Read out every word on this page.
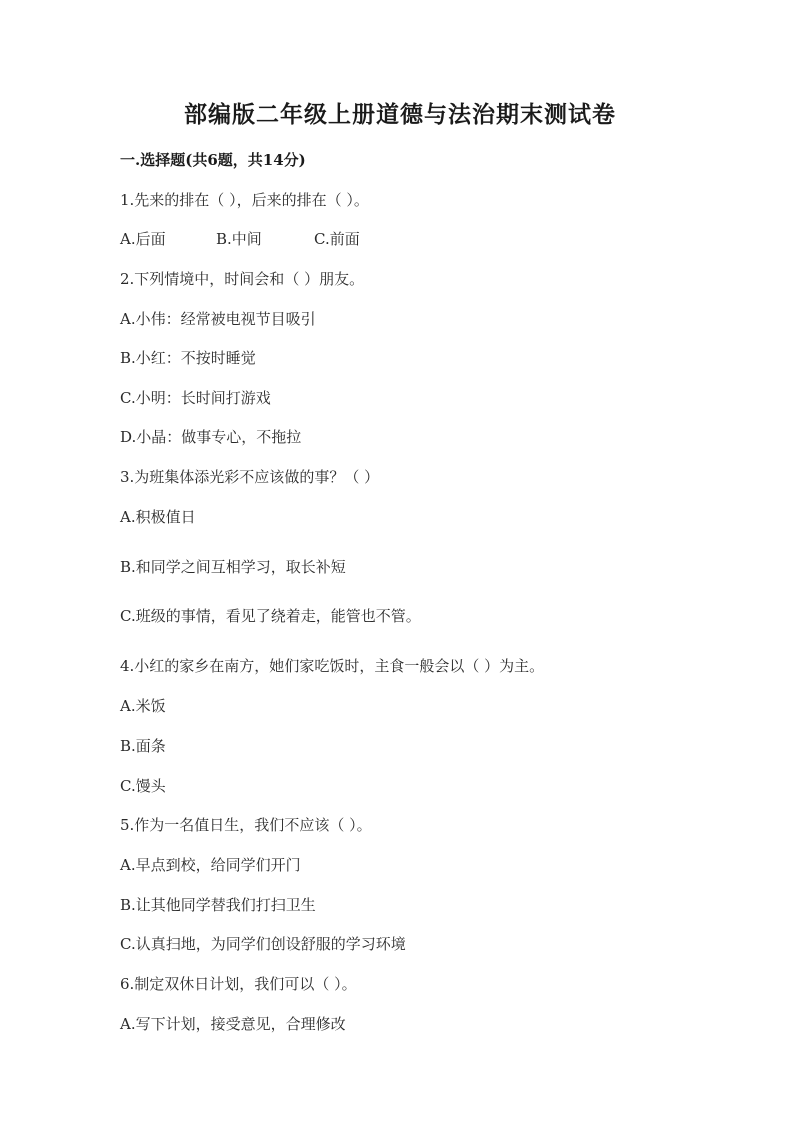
部编版二年级上册道德与法治期末测试卷
一.选择题(共6题，共14分)
1.先来的排在（ ），后来的排在（ ）。
A.后面	B.中间	C.前面
2.下列情境中，时间会和（ ）朋友。
A.小伟：经常被电视节目吸引
B.小红：不按时睡觉
C.小明：长时间打游戏
D.小晶：做事专心，不拖拉
3.为班集体添光彩不应该做的事？（ ）
A.积极值日
B.和同学之间互相学习，取长补短
C.班级的事情，看见了绕着走，能管也不管。
4.小红的家乡在南方，她们家吃饭时，主食一般会以（ ）为主。
A.米饭
B.面条
C.馒头
5.作为一名值日生，我们不应该（ ）。
A.早点到校，给同学们开门
B.让其他同学替我们打扫卫生
C.认真扫地，为同学们创设舒服的学习环境
6.制定双休日计划，我们可以（ ）。
A.写下计划，接受意见，合理修改
